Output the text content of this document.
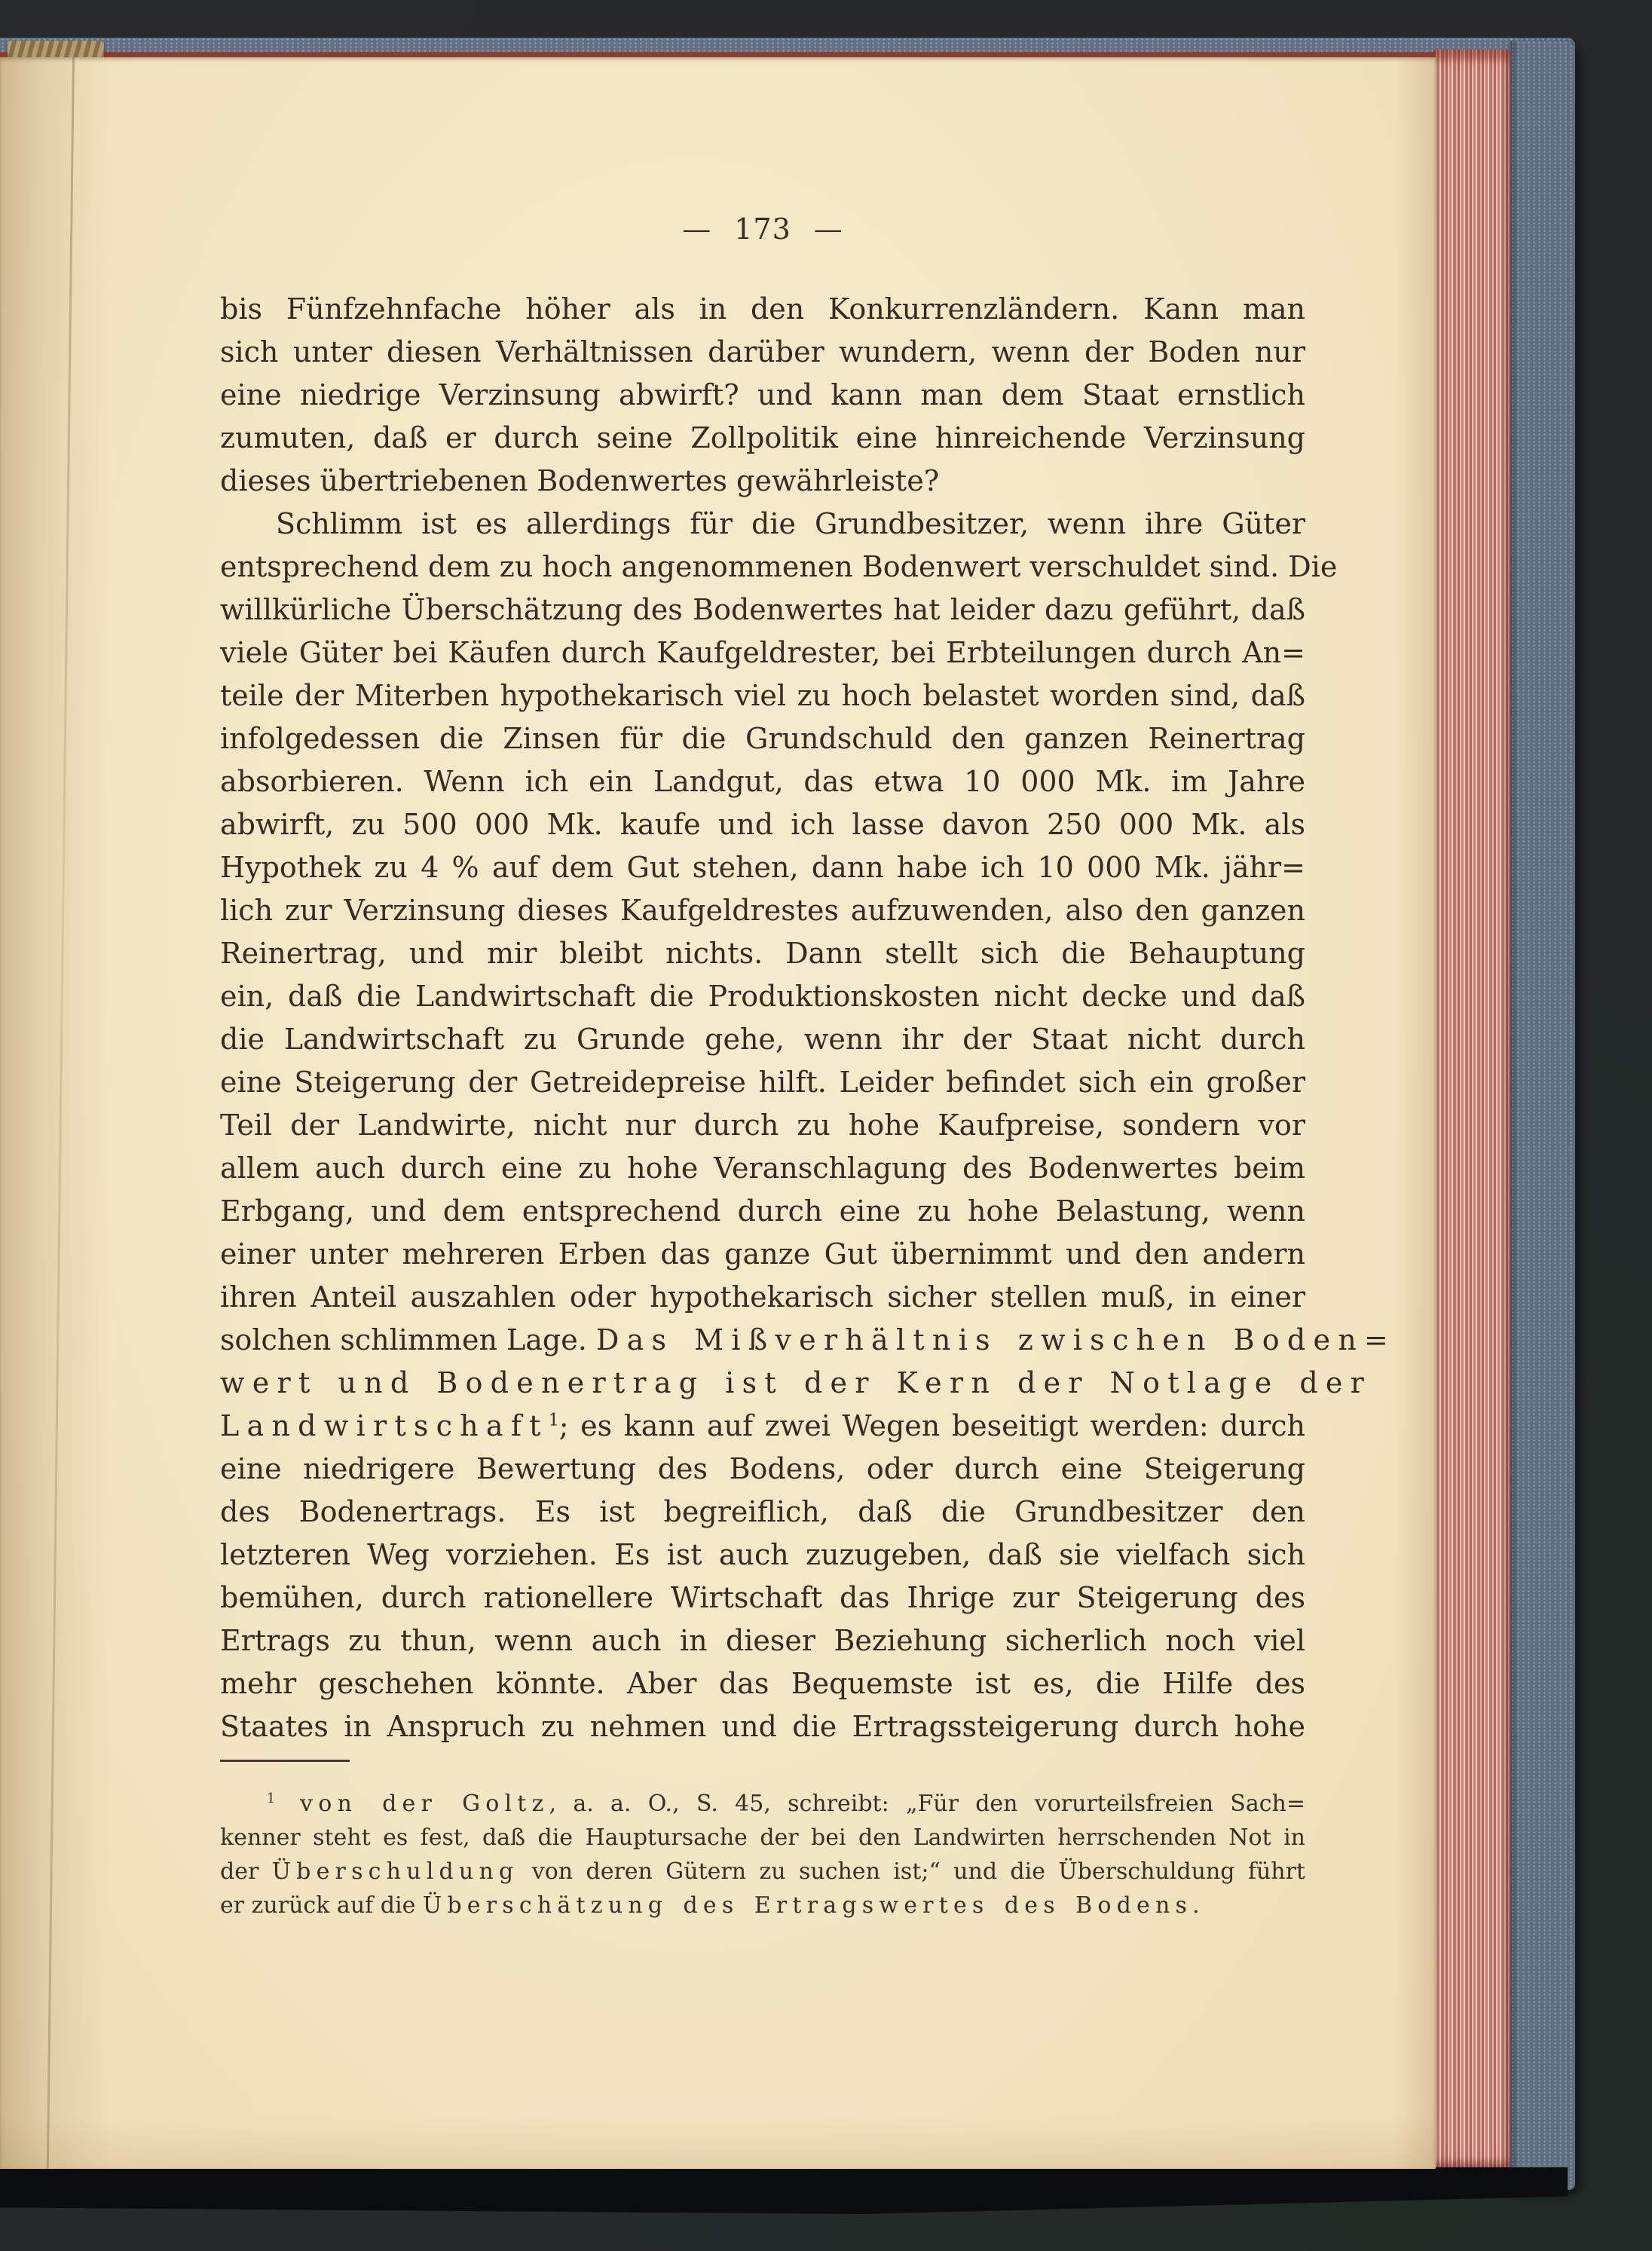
— 173 —
bis Fünfzehnfache höher als in den Konkurrenzländern. Kann man
sich unter diesen Verhältnissen darüber wundern, wenn der Boden nur
eine niedrige Verzinsung abwirft? und kann man dem Staat ernstlich
zumuten, daß er durch seine Zollpolitik eine hinreichende Verzinsung
dieses übertriebenen Bodenwertes gewährleiste?
Schlimm ist es allerdings für die Grundbesitzer, wenn ihre Güter
entsprechend dem zu hoch angenommenen Bodenwert verschuldet sind. Die
willkürliche Überschätzung des Bodenwertes hat leider dazu geführt, daß
viele Güter bei Käufen durch Kaufgeldrester, bei Erbteilungen durch An=
teile der Miterben hypothekarisch viel zu hoch belastet worden sind, daß
infolgedessen die Zinsen für die Grundschuld den ganzen Reinertrag
absorbieren. Wenn ich ein Landgut, das etwa 10 000 Mk. im Jahre
abwirft, zu 500 000 Mk. kaufe und ich lasse davon 250 000 Mk. als
Hypothek zu 4 % auf dem Gut stehen, dann habe ich 10 000 Mk. jähr=
lich zur Verzinsung dieses Kaufgeldrestes aufzuwenden, also den ganzen
Reinertrag, und mir bleibt nichts. Dann stellt sich die Behauptung
ein, daß die Landwirtschaft die Produktionskosten nicht decke und daß
die Landwirtschaft zu Grunde gehe, wenn ihr der Staat nicht durch
eine Steigerung der Getreidepreise hilft. Leider befindet sich ein großer
Teil der Landwirte, nicht nur durch zu hohe Kaufpreise, sondern vor
allem auch durch eine zu hohe Veranschlagung des Bodenwertes beim
Erbgang, und dem entsprechend durch eine zu hohe Belastung, wenn
einer unter mehreren Erben das ganze Gut übernimmt und den andern
ihren Anteil auszahlen oder hypothekarisch sicher stellen muß, in einer
solchen schlimmen Lage. Das Mißverhältnis zwischen Boden=
wert und Bodenertrag ist der Kern der Notlage der
Landwirtschaft$^1$; es kann auf zwei Wegen beseitigt werden: durch
eine niedrigere Bewertung des Bodens, oder durch eine Steigerung
des Bodenertrags. Es ist begreiflich, daß die Grundbesitzer den
letzteren Weg vorziehen. Es ist auch zuzugeben, daß sie vielfach sich
bemühen, durch rationellere Wirtschaft das Ihrige zur Steigerung des
Ertrags zu thun, wenn auch in dieser Beziehung sicherlich noch viel
mehr geschehen könnte. Aber das Bequemste ist es, die Hilfe des
Staates in Anspruch zu nehmen und die Ertragssteigerung durch hohe
$^1$ von der Goltz, a. a. O., S. 45, schreibt: „Für den vorurteilsfreien Sach=
kenner steht es fest, daß die Hauptursache der bei den Landwirten herrschenden Not in
der Überschuldung von deren Gütern zu suchen ist;“ und die Überschuldung führt
er zurück auf die Überschätzung des Ertragswertes des Bodens.
